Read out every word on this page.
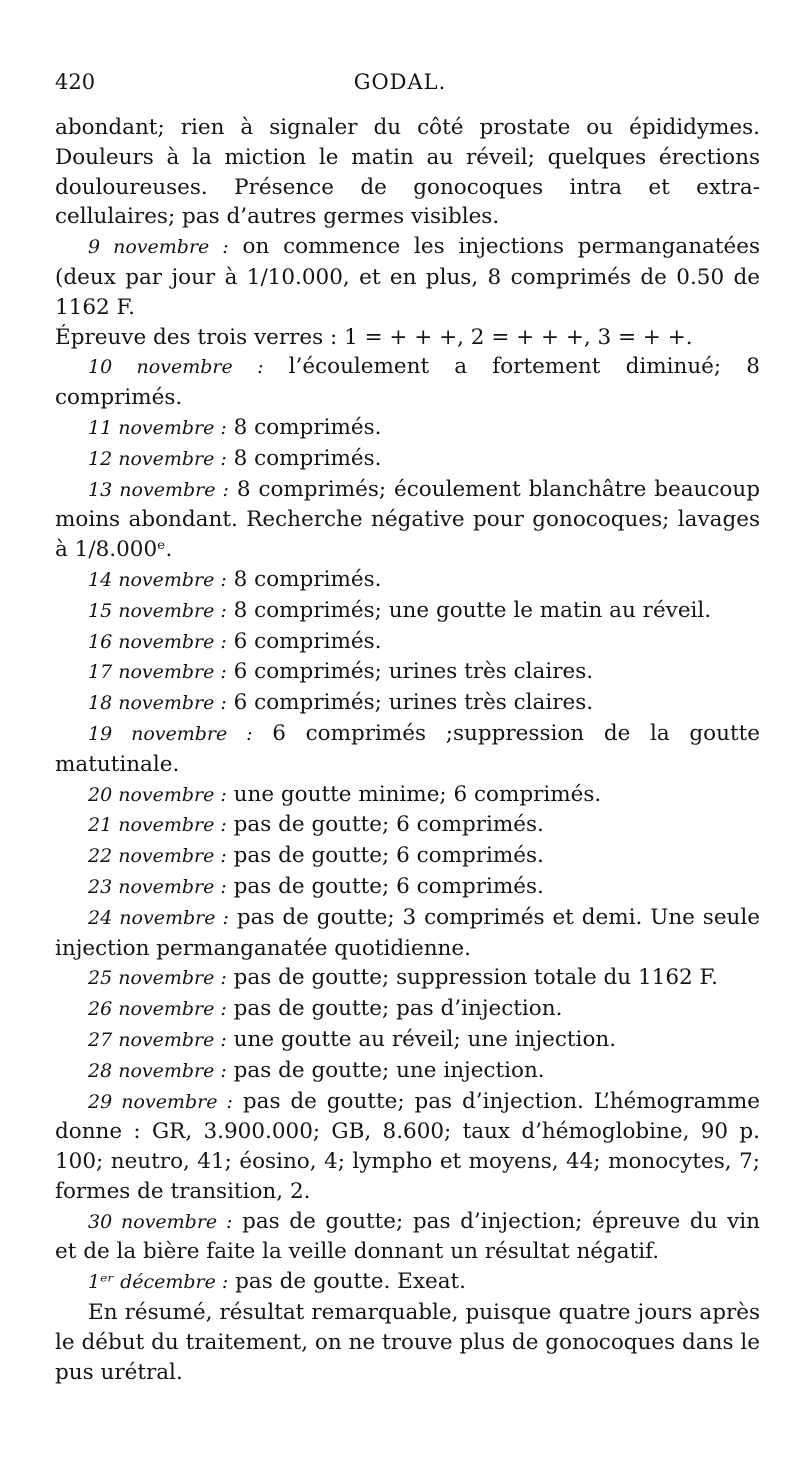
420	GODAL.

abondant; rien à signaler du côté prostate ou épididymes. Douleurs à la miction le matin au réveil; quelques érections douloureuses. Présence de gonocoques intra et extra-cellulaires; pas d’autres germes visibles.

9 novembre : on commence les injections permanganatées (deux par jour à 1/10.000, et en plus, 8 comprimés de 0.50 de 1162 F.

Épreuve des trois verres : 1 = + + +, 2 = + + +, 3 = + +.

10 novembre : l’écoulement a fortement diminué; 8 comprimés.

11 novembre : 8 comprimés.

12 novembre : 8 comprimés.

13 novembre : 8 comprimés; écoulement blanchâtre beaucoup moins abondant. Recherche négative pour gonocoques; lavages à 1/8.000ᵉ.

14 novembre : 8 comprimés.

15 novembre : 8 comprimés; une goutte le matin au réveil.

16 novembre : 6 comprimés.

17 novembre : 6 comprimés; urines très claires.

18 novembre : 6 comprimés; urines très claires.

19 novembre : 6 comprimés ;suppression de la goutte matutinale.

20 novembre : une goutte minime; 6 comprimés.

21 novembre : pas de goutte; 6 comprimés.

22 novembre : pas de goutte; 6 comprimés.

23 novembre : pas de goutte; 6 comprimés.

24 novembre : pas de goutte; 3 comprimés et demi. Une seule injection permanganatée quotidienne.

25 novembre : pas de goutte; suppression totale du 1162 F.

26 novembre : pas de goutte; pas d’injection.

27 novembre : une goutte au réveil; une injection.

28 novembre : pas de goutte; une injection.

29 novembre : pas de goutte; pas d’injection. L’hémogramme donne : GR, 3.900.000; GB, 8.600; taux d’hémoglobine, 90 p. 100; neutro, 41; éosino, 4; lympho et moyens, 44; monocytes, 7; formes de transition, 2.

30 novembre : pas de goutte; pas d’injection; épreuve du vin et de la bière faite la veille donnant un résultat négatif.

1ᵉʳ décembre : pas de goutte. Exeat.

En résumé, résultat remarquable, puisque quatre jours après le début du traitement, on ne trouve plus de gonocoques dans le pus urétral.
